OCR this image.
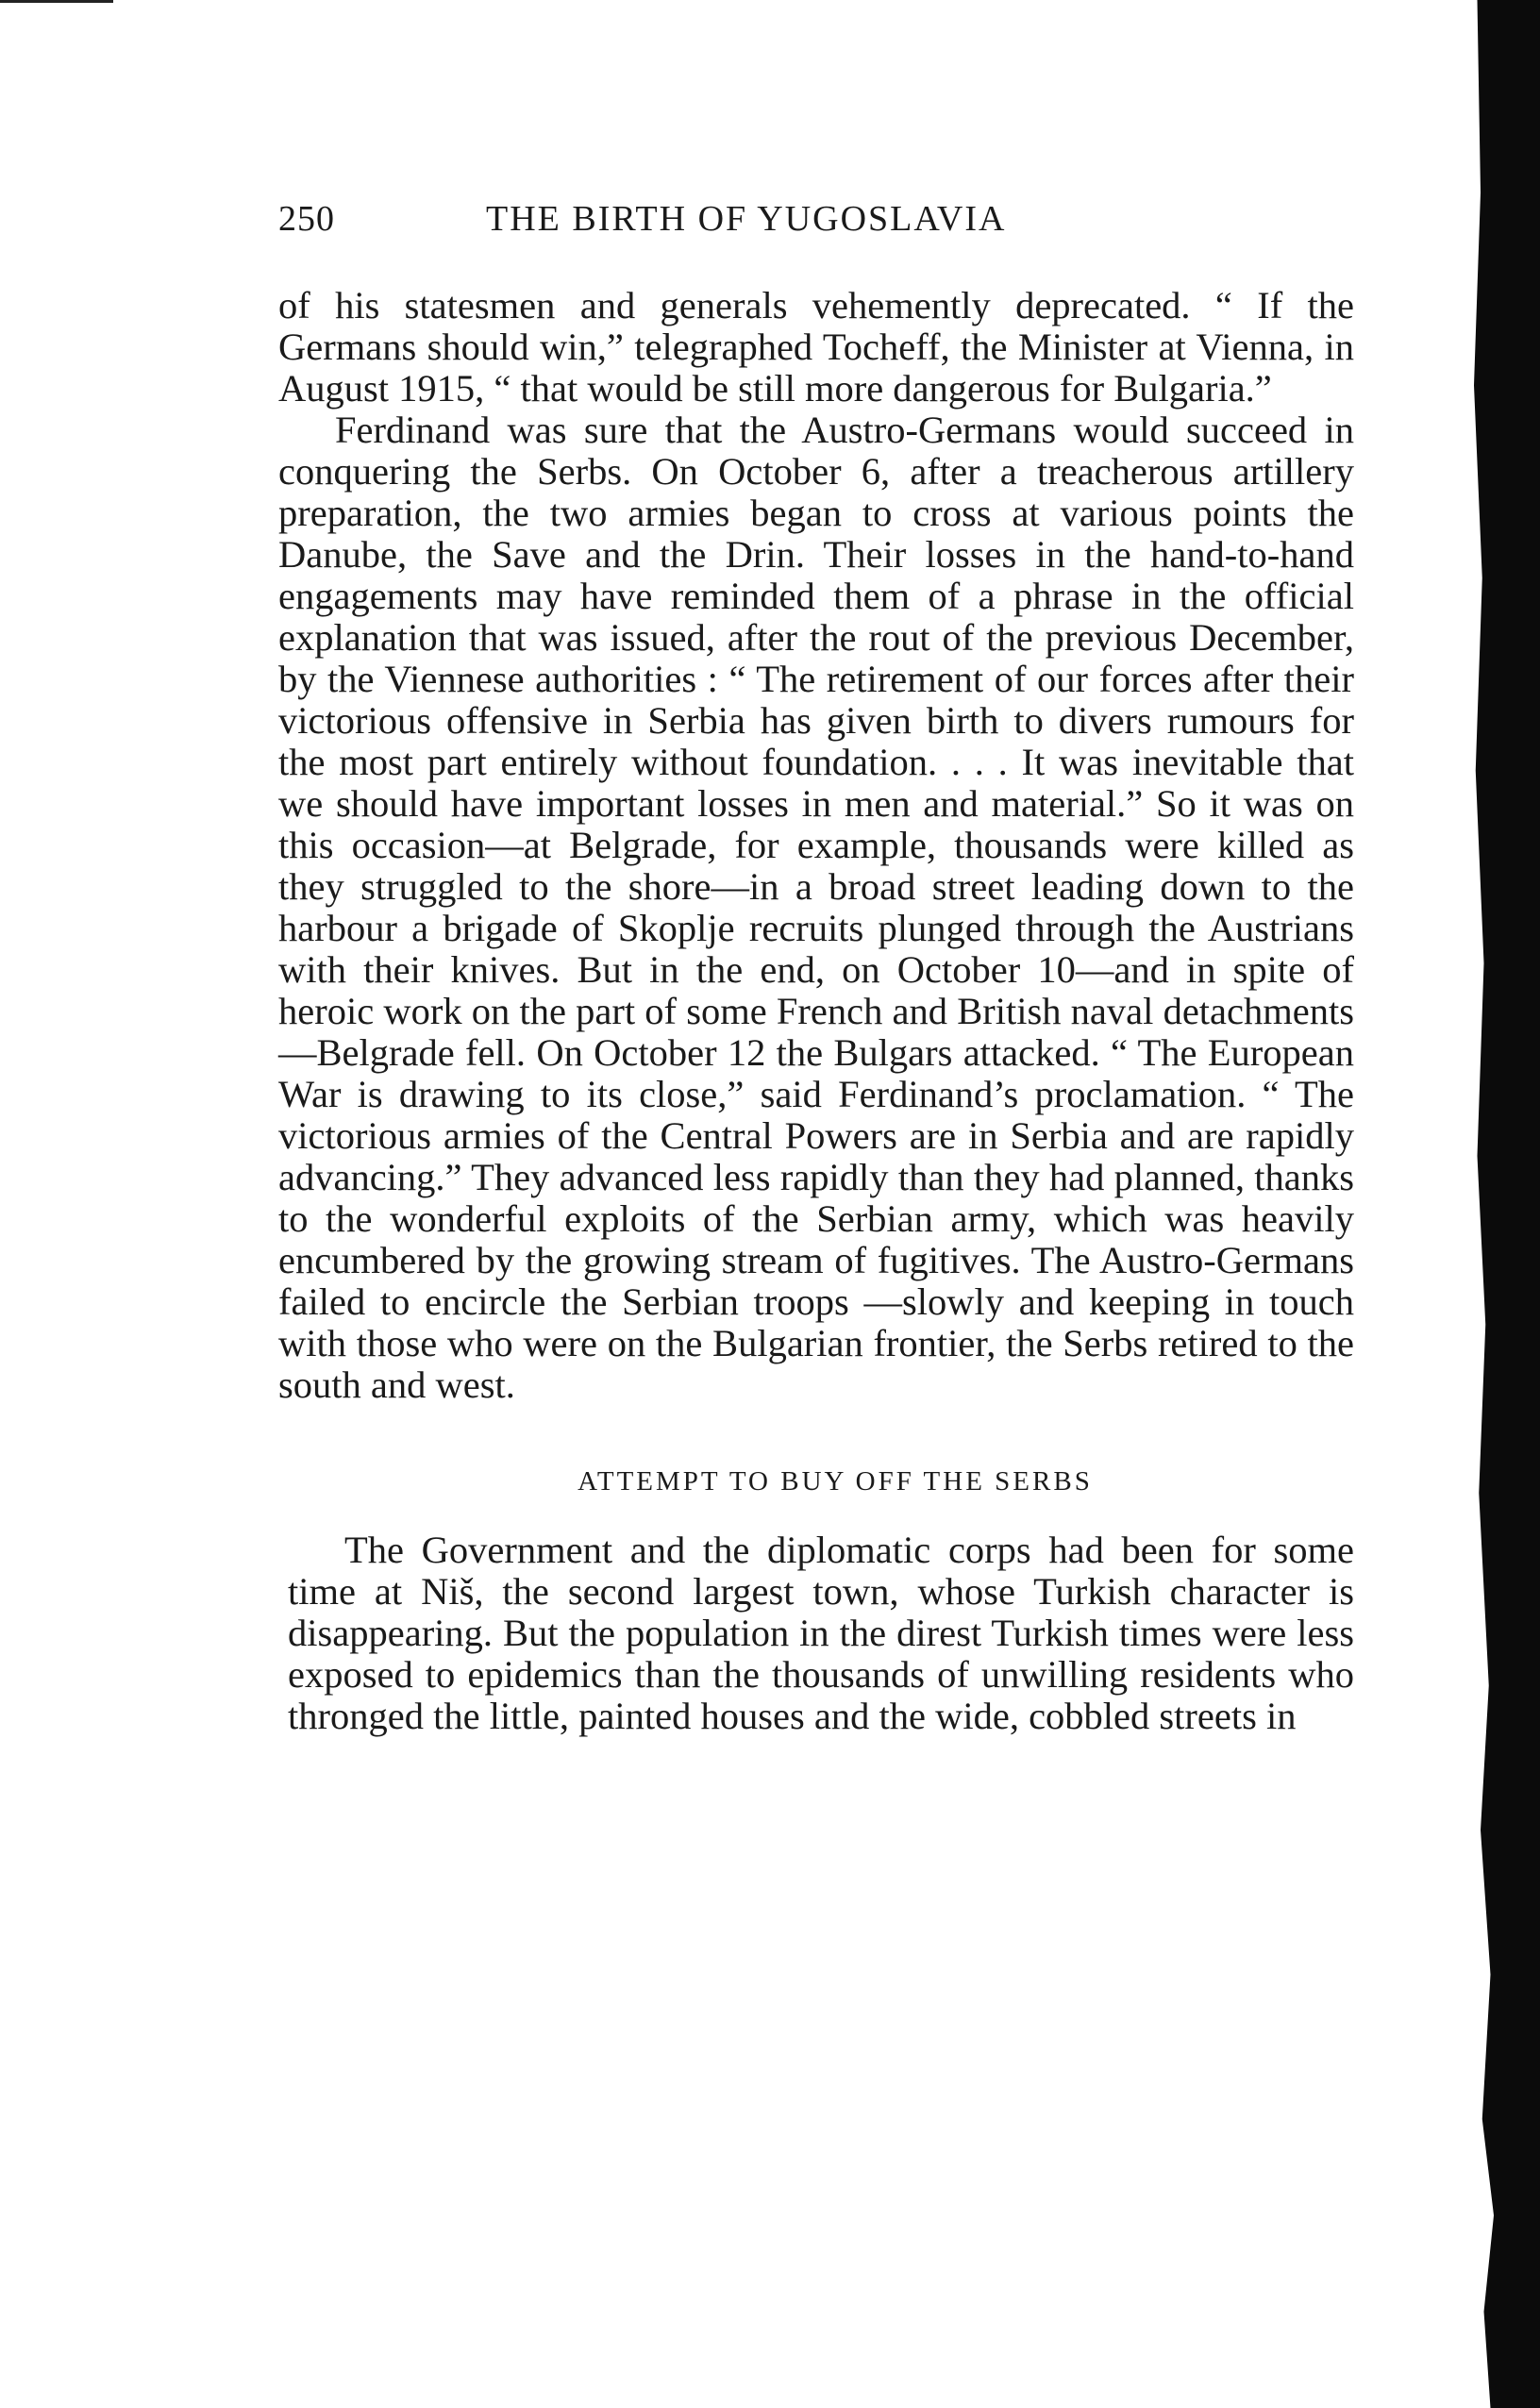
250	THE BIRTH OF YUGOSLAVIA

of his statesmen and generals vehemently deprecated. “ If the Germans should win,” telegraphed Tocheff, the Minister at Vienna, in August 1915, “ that would be still more dangerous for Bulgaria.”

Ferdinand was sure that the Austro-Germans would succeed in conquering the Serbs. On October 6, after a treacherous artillery preparation, the two armies began to cross at various points the Danube, the Save and the Drin. Their losses in the hand-to-hand engagements may have reminded them of a phrase in the official explanation that was issued, after the rout of the previous December, by the Viennese authorities : “ The retirement of our forces after their victorious offensive in Serbia has given birth to divers rumours for the most part entirely without foundation. . . . It was inevitable that we should have important losses in men and material.” So it was on this occasion—at Belgrade, for example, thousands were killed as they struggled to the shore—in a broad street leading down to the harbour a brigade of Skoplje recruits plunged through the Austrians with their knives. But in the end, on October 10—and in spite of heroic work on the part of some French and British naval detachments—Belgrade fell. On October 12 the Bulgars attacked. “ The European War is drawing to its close,” said Ferdinand’s proclamation. “ The victorious armies of the Central Powers are in Serbia and are rapidly advancing.” They advanced less rapidly than they had planned, thanks to the wonderful exploits of the Serbian army, which was heavily encumbered by the growing stream of fugitives. The Austro-Germans failed to encircle the Serbian troops —slowly and keeping in touch with those who were on the Bulgarian frontier, the Serbs retired to the south and west.

ATTEMPT TO BUY OFF THE SERBS

The Government and the diplomatic corps had been for some time at Niš, the second largest town, whose Turkish character is disappearing. But the population in the direst Turkish times were less exposed to epidemics than the thousands of unwilling residents who thronged the little, painted houses and the wide, cobbled streets in
